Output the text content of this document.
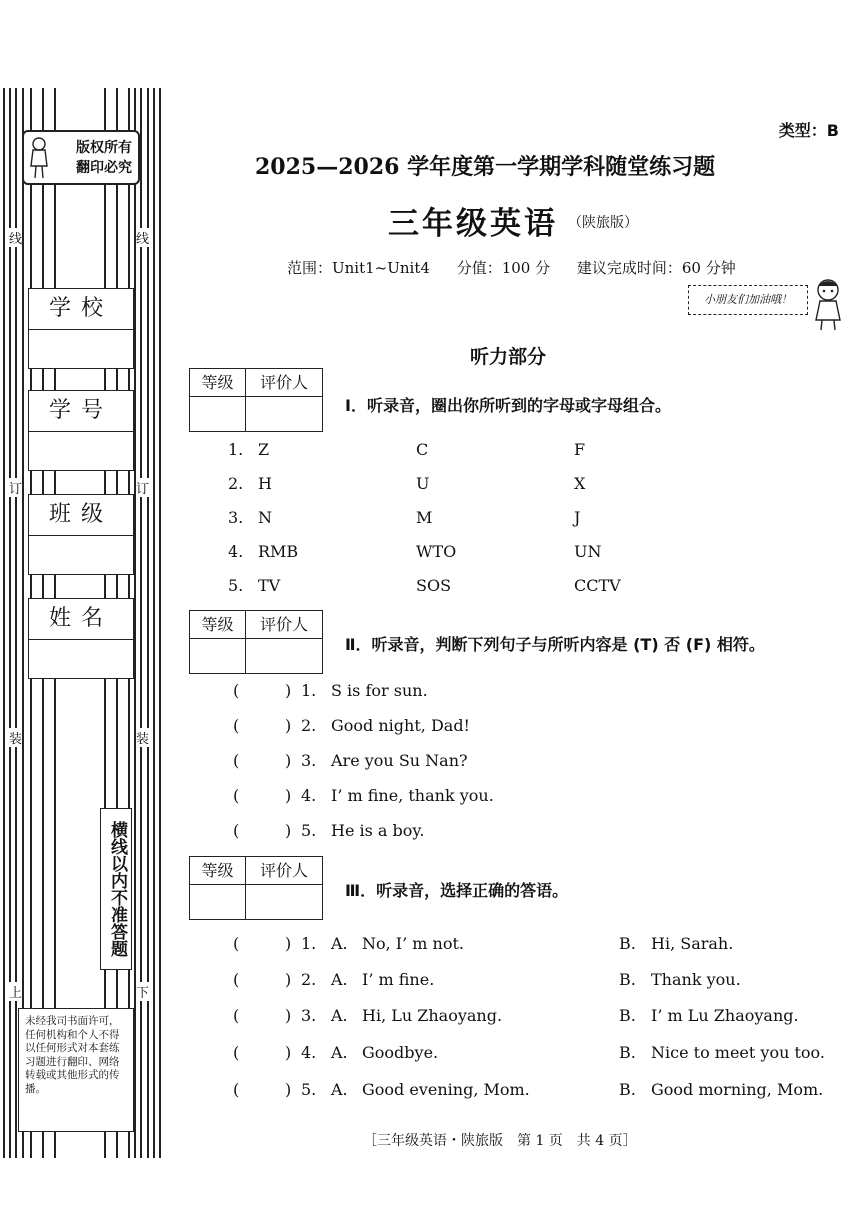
版权所有
翻印必究
线	线
学校
学号
订	订
班级
姓名
装	装
横线以内不准答题
上	下
未经我司书面许可，任何机构和个人不得以任何形式对本套练习题进行翻印、网络转载或其他形式的传播。
类型：B
2025—2026 学年度第一学期学科随堂练习题
三年级英语 （陕旅版）
范围：Unit1~Unit4 分值：100 分 建议完成时间：60 分钟
小朋友们加油哦！
听力部分
等级	评价人
Ⅰ．听录音，圈出你所听到的字母或字母组合。
1. Z	C	F
2. H	U	X
3. N	M	J
4. RMB	WTO	UN
5. TV	SOS	CCTV
等级	评价人
Ⅱ．听录音，判断下列句子与所听内容是 (T) 否 (F) 相符。
(	) 1. S is for sun.
(	) 2. Good night, Dad!
(	) 3. Are you Su Nan?
(	) 4. I’ m fine, thank you.
(	) 5. He is a boy.
等级	评价人
Ⅲ．听录音，选择正确的答语。
(	) 1. A. No, I’ m not.	B. Hi, Sarah.
(	) 2. A. I’ m fine.	B. Thank you.
(	) 3. A. Hi, Lu Zhaoyang.	B. I’ m Lu Zhaoyang.
(	) 4. A. Goodbye.	B. Nice to meet you too.
(	) 5. A. Good evening, Mom.	B. Good morning, Mom.
［三年级英语・陕旅版　第 1 页　共 4 页］
